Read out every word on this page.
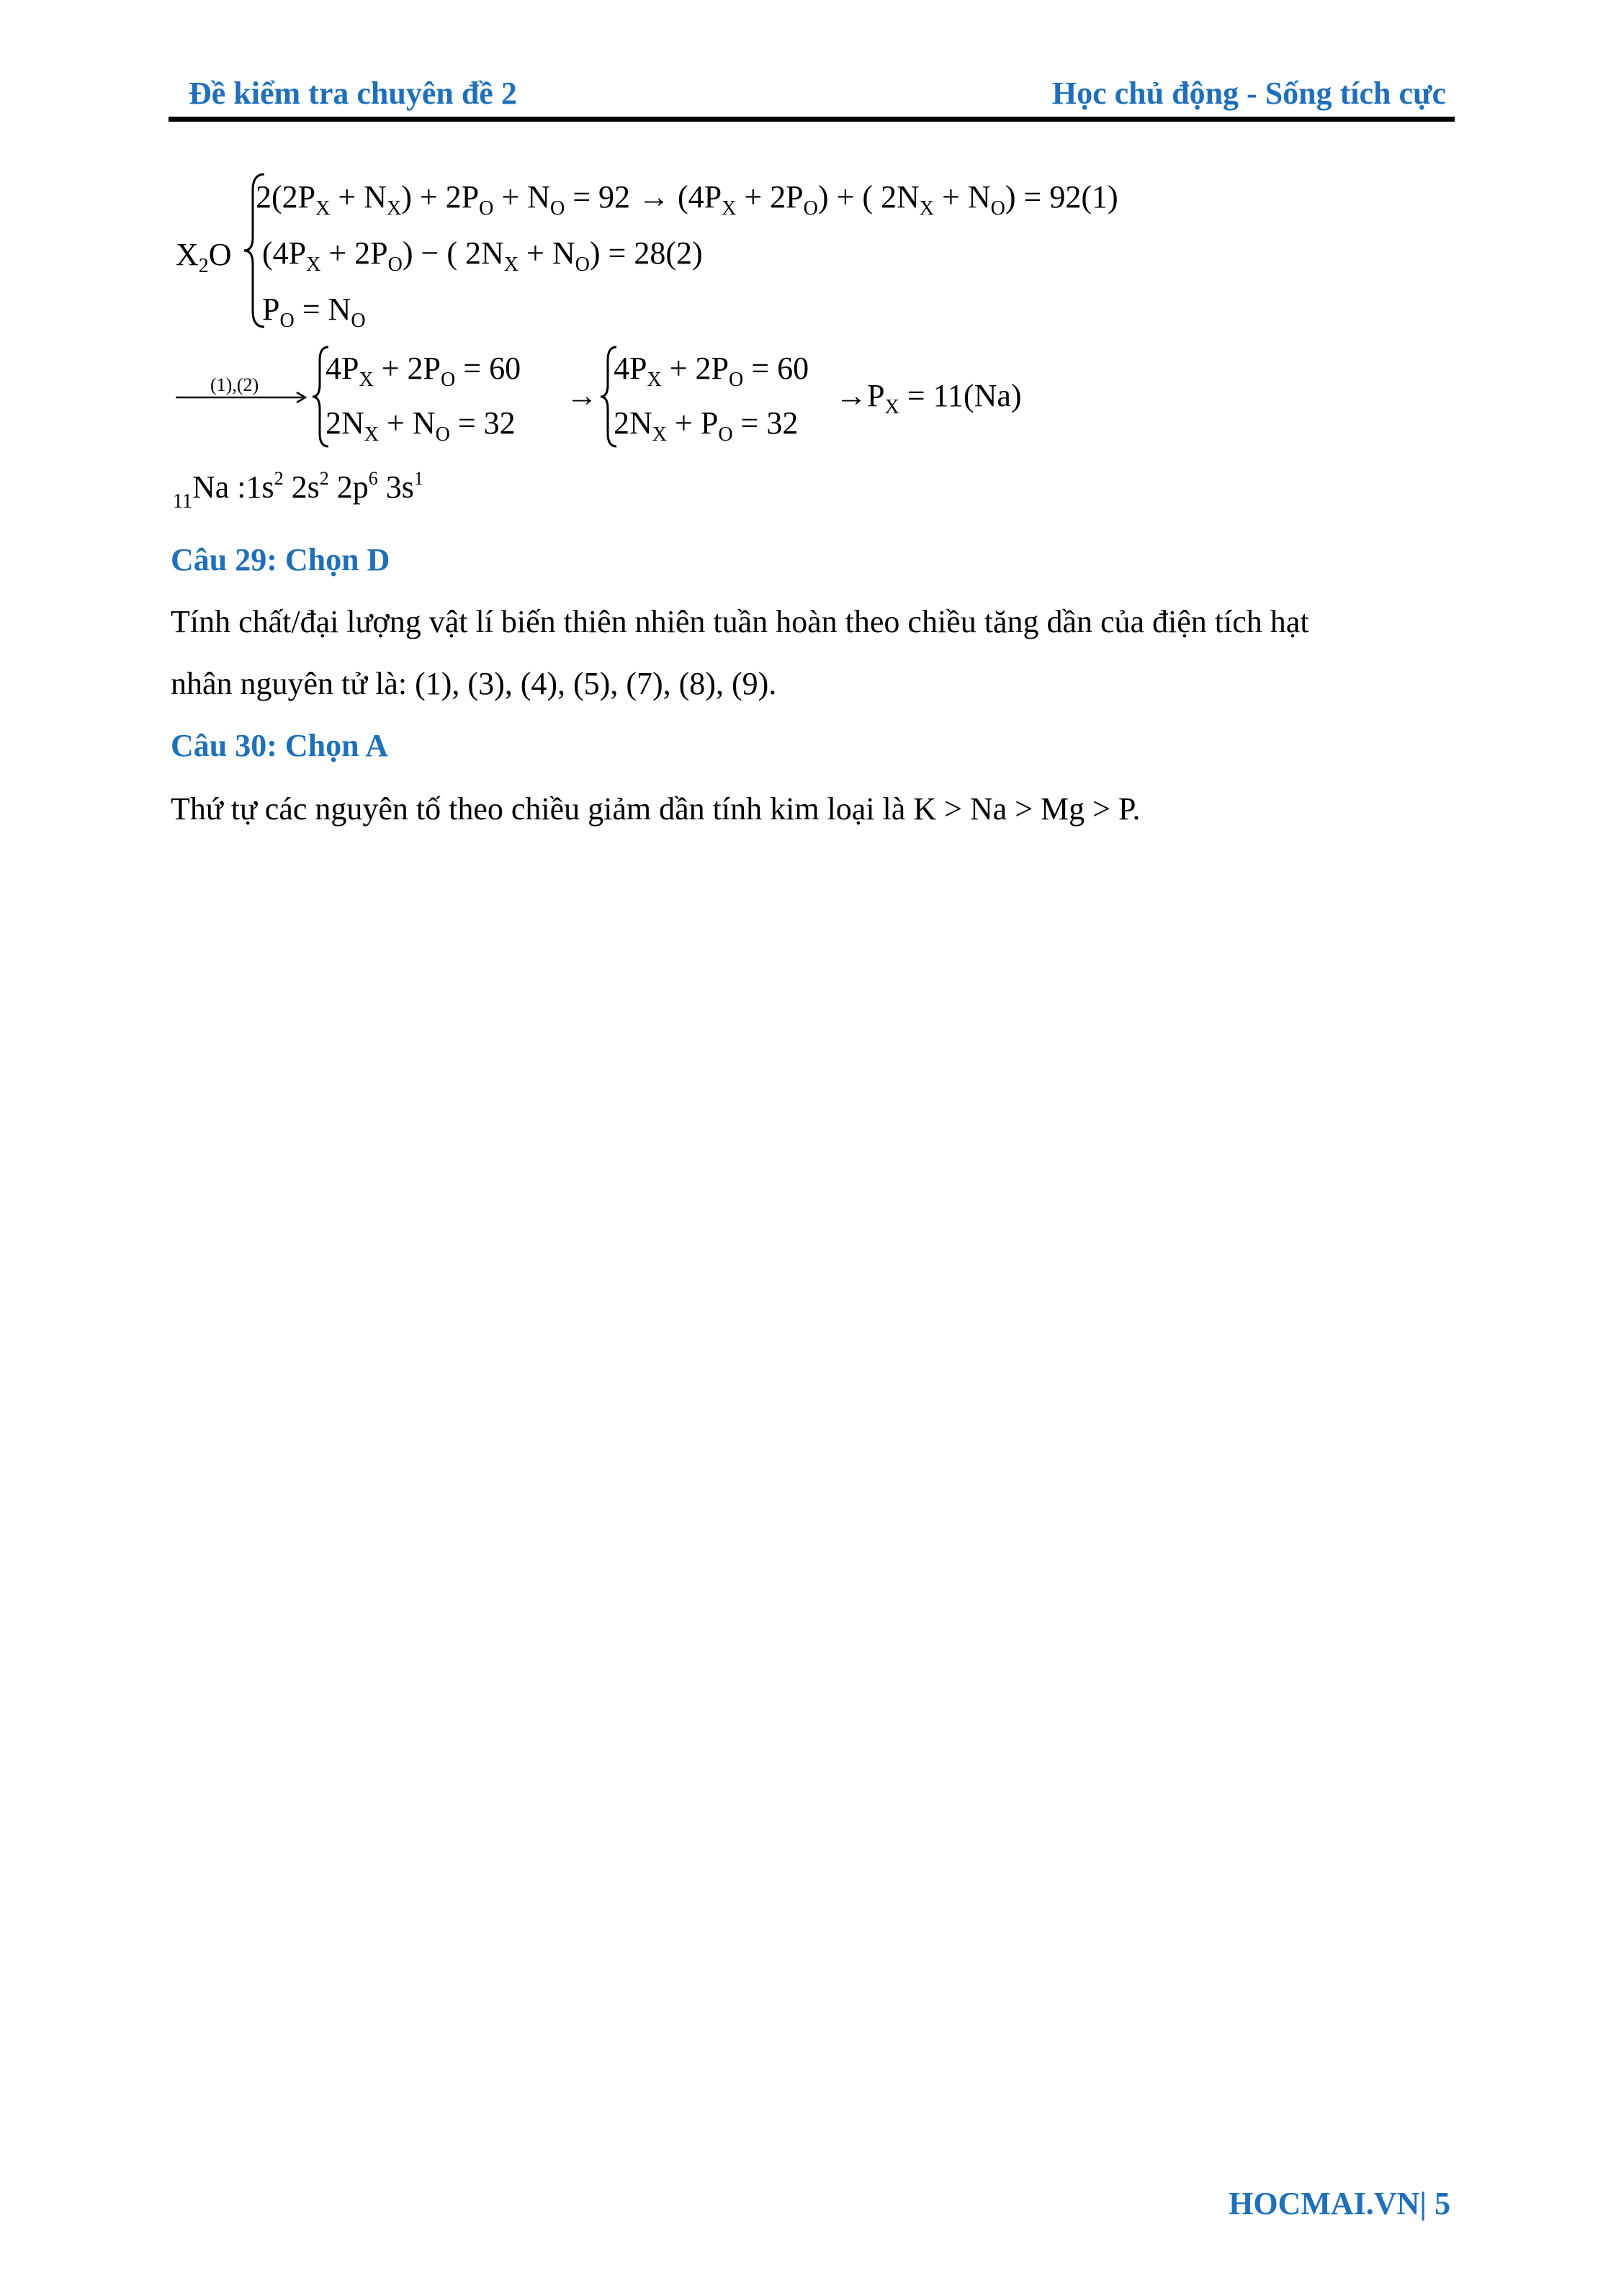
Đề kiểm tra chuyên đề 2	Học chủ động - Sống tích cực
$X_2O$
$2(2P_X + N_X) + 2P_O + N_O = 92 \to (4P_X + 2P_O)$ + ( $2N_X + N_O) = 92(1)$
$(4P_X + 2P_O)$ − ( $2N_X + N_O) = 28(2)$
$P_O = N_O$
(1),(2) $4P_X + 2P_O = 60$
$2N_X + N_O = 32$
→
$4P_X + 2P_O = 60$
$2N_X + P_O = 32$
$\to P_X = 11(Na)$
$_{11}$Na $:1s^2$ $2s^2$ $2p^6$ $3s^1$
Câu 29: Chọn D
Tính chất/đại lượng vật lí biến thiên nhiên tuần hoàn theo chiều tăng dần của điện tích hạt
nhân nguyên tử là: (1), (3), (4), (5), (7), (8), (9).
Câu 30: Chọn A
Thứ tự các nguyên tố theo chiều giảm dần tính kim loại là K > Na > Mg > P.
HOCMAI.VN| 5
